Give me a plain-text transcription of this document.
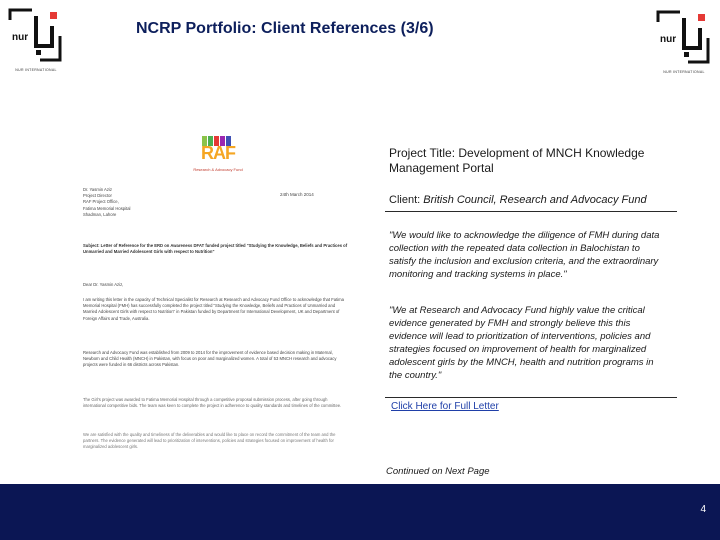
nur
NUR INTERNATIONAL
NCRP Portfolio: Client References (3/6)
nur
NUR INTERNATIONAL
RAF
Research & Advocacy Fund
Dr. Yasmin Aziz
Project Director
RAF Project Office,
Fatima Memorial Hospital
Shadman, Lahore
24th March 2014
Subject: Letter of Reference for the ERD on Awareness DFAT funded project titled "Studying the Knowledge, Beliefs and Practices of Unmarried and Married Adolescent Girls with respect to Nutrition"
Dear Dr. Yasmin Aziz,
I am writing this letter in the capacity of Technical Specialist for Research at Research and Advocacy Fund Office to acknowledge that Fatima Memorial Hospital (FMH) has successfully completed the project titled "Studying the Knowledge, Beliefs and Practices of Unmarried and Married Adolescent Girls with respect to Nutrition" in Pakistan funded by Department for International Development, UK and Department of Foreign Affairs and Trade, Australia.
Research and Advocacy Fund was established from 2009 to 2014 for the improvement of evidence based decision making in Maternal, Newborn and Child Health (MNCH) in Pakistan, with focus on poor and marginalized women. A total of 53 MNCH research and advocacy projects were funded in 66 districts across Pakistan.
The Girl's project was awarded to Fatima Memorial Hospital through a competitive proposal submission process, after going through international competitive bids. The team was keen to complete the project in adherence to quality standards and timelines of the committee.
We are satisfied with the quality and timeliness of the deliverables and would like to place on record the commitment of the team and the partners. The evidence generated will lead to prioritization of interventions, policies and strategies focused on improvement of health for marginalized adolescent girls.
Project Title: Development of MNCH Knowledge Management Portal
Client: British Council, Research and Advocacy Fund

"We would like to acknowledge the diligence of FMH during data collection with the repeated data collection in Balochistan to satisfy the inclusion and exclusion criteria, and the extraordinary monitoring and tracking systems in place."

"We at Research and Advocacy Fund highly value the critical evidence generated by FMH and strongly believe this this evidence will lead to prioritization of interventions, policies and strategies focused on improvement of health for marginalized adolescent girls by the MNCH, health and nutrition programs in the country."

Click Here for Full Letter
Continued on Next Page
4
